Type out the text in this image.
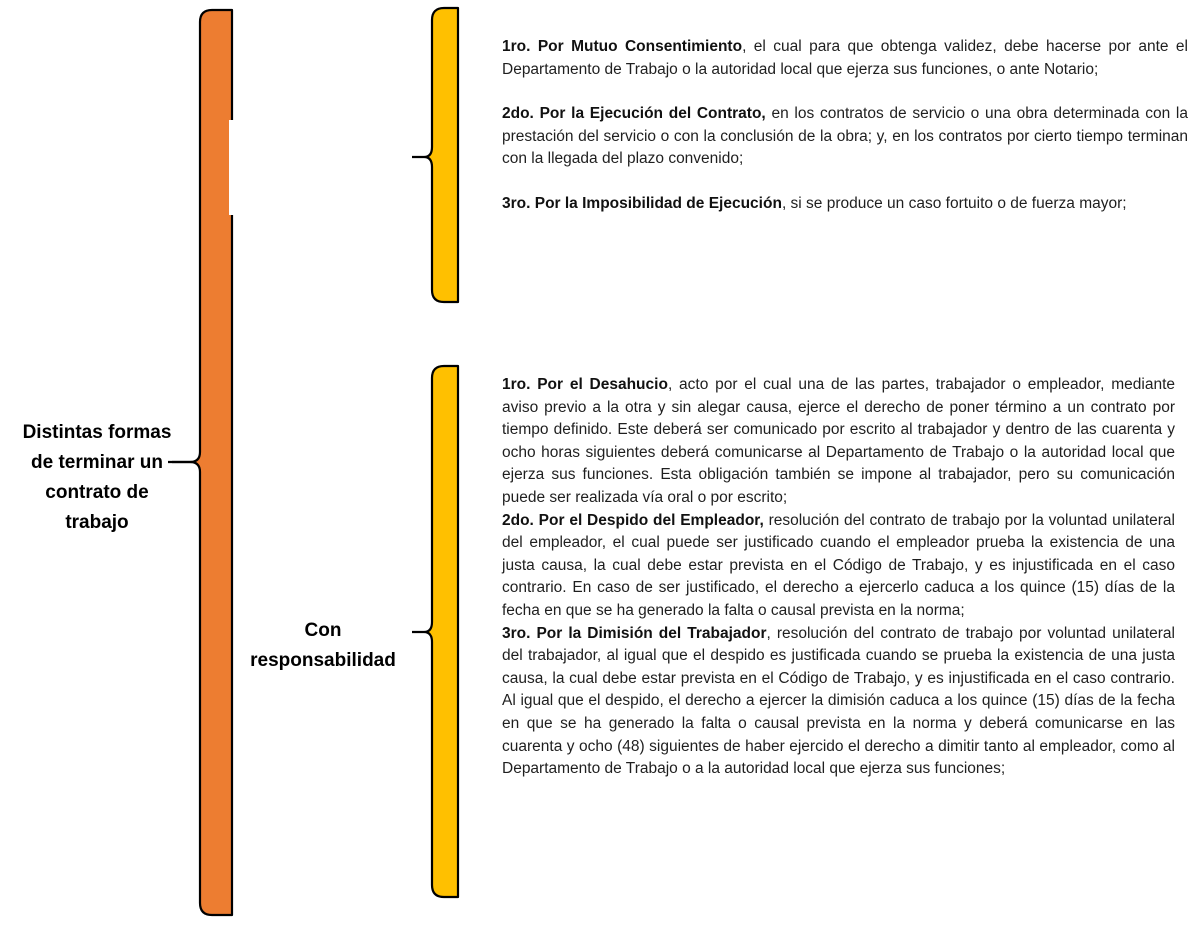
Distintas formas
de terminar un
contrato de
trabajo
Con
responsabilidad
1ro. Por Mutuo Consentimiento, el cual para que obtenga validez, debe hacerse por ante el Departamento de Trabajo o la autoridad local que ejerza sus funciones, o ante Notario;
2do. Por la Ejecución del Contrato, en los contratos de servicio o una obra determinada con la prestación del servicio o con la conclusión de la obra; y, en los contratos por cierto tiempo terminan con la llegada del plazo convenido;
3ro. Por la Imposibilidad de Ejecución, si se produce un caso fortuito o de fuerza mayor;
1ro. Por el Desahucio, acto por el cual una de las partes, trabajador o empleador, mediante aviso previo a la otra y sin alegar causa, ejerce el derecho de poner término a un contrato por tiempo definido. Este deberá ser comunicado por escrito al trabajador y dentro de las cuarenta y ocho horas siguientes deberá comunicarse al Departamento de Trabajo o la autoridad local que ejerza sus funciones. Esta obligación también se impone al trabajador, pero su comunicación puede ser realizada vía oral o por escrito;
2do. Por el Despido del Empleador, resolución del contrato de trabajo por la voluntad unilateral del empleador, el cual puede ser justificado cuando el empleador prueba la existencia de una justa causa, la cual debe estar prevista en el Código de Trabajo, y es injustificada en el caso contrario. En caso de ser justificado, el derecho a ejercerlo caduca a los quince (15) días de la fecha en que se ha generado la falta o causal prevista en la norma;
3ro. Por la Dimisión del Trabajador, resolución del contrato de trabajo por voluntad unilateral del trabajador, al igual que el despido es justificada cuando se prueba la existencia de una justa causa, la cual debe estar prevista en el Código de Trabajo, y es injustificada en el caso contrario. Al igual que el despido, el derecho a ejercer la dimisión caduca a los quince (15) días de la fecha en que se ha generado la falta o causal prevista en la norma y deberá comunicarse en las cuarenta y ocho (48) siguientes de haber ejercido el derecho a dimitir tanto al empleador, como al Departamento de Trabajo o a la autoridad local que ejerza sus funciones;
